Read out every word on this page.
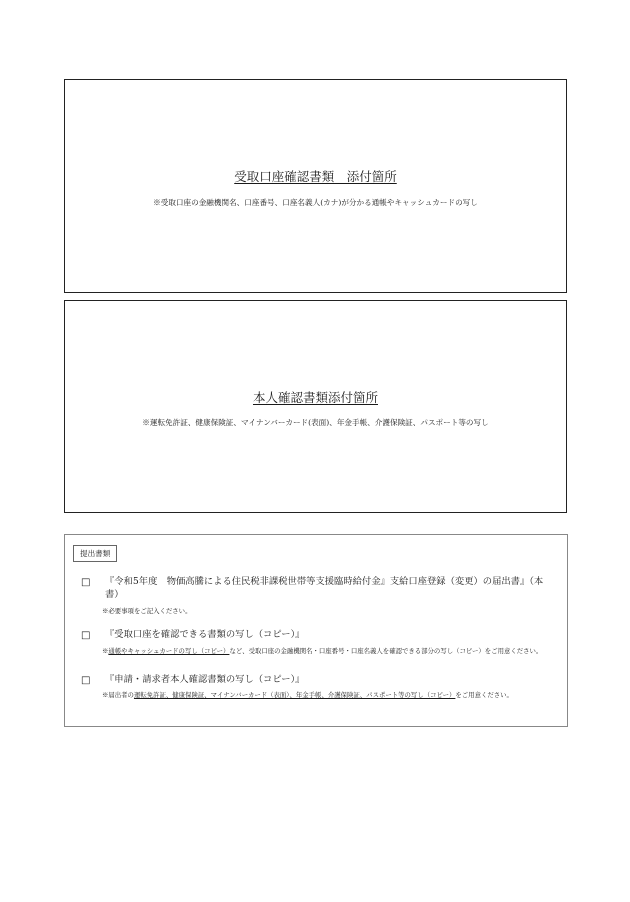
受取口座確認書類　添付箇所
※受取口座の金融機関名、口座番号、口座名義人(カナ)が分かる通帳やキャッシュカードの写し
本人確認書類添付箇所
※運転免許証、健康保険証、マイナンバーカード(表面)、年金手帳、介護保険証、パスポート等の写し
提出書類
□ 『令和5年度　物価高騰による住民税非課税世帯等支援臨時給付金』支給口座登録（変更）の届出書』（本書）
※必要事項をご記入ください。
□ 『受取口座を確認できる書類の写し（コピー）』
※通帳やキャッシュカードの写し（コピー）など、受取口座の金融機関名・口座番号・口座名義人を確認できる部分の写し（コピー）をご用意ください。
□ 『申請・請求者本人確認書類の写し（コピー）』
※届出者の運転免許証、健康保険証、マイナンバーカード（表面）、年金手帳、介護保険証、パスポート等の写し（コピー）をご用意ください。
